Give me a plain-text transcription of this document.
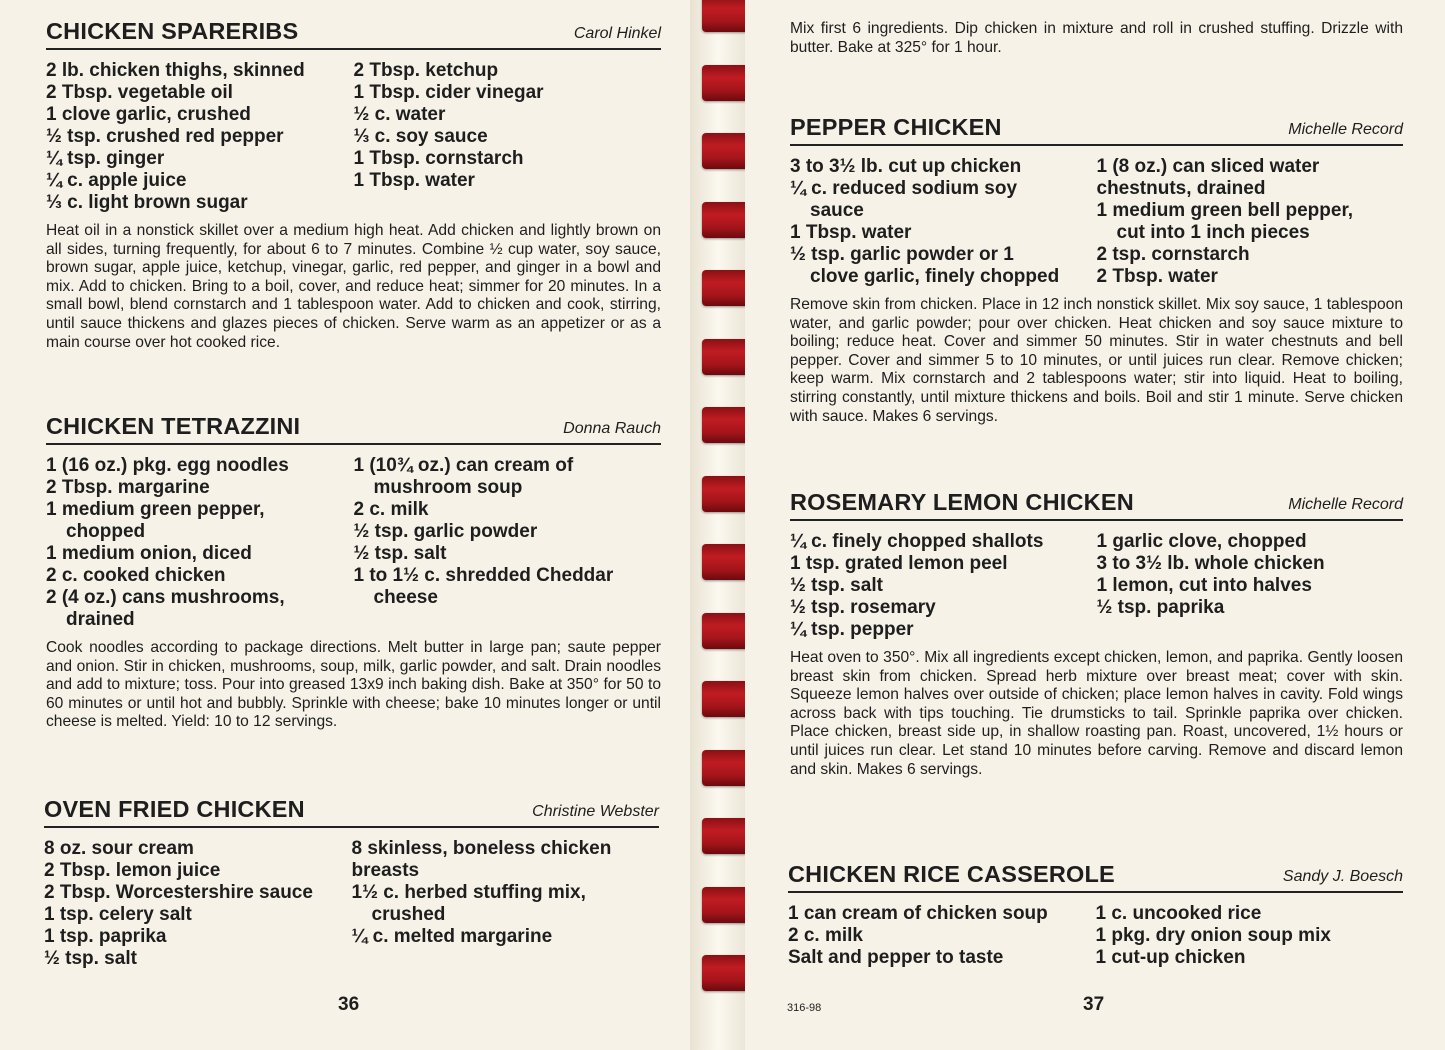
CHICKEN SPARERIBS	Carol Hinkel
2 lb. chicken thighs, skinned
2 Tbsp. vegetable oil
1 clove garlic, crushed
½ tsp. crushed red pepper
¼ tsp. ginger
¼ c. apple juice
⅓ c. light brown sugar
2 Tbsp. ketchup
1 Tbsp. cider vinegar
½ c. water
⅓ c. soy sauce
1 Tbsp. cornstarch
1 Tbsp. water
Heat oil in a nonstick skillet over a medium high heat. Add chicken and lightly brown on all sides, turning frequently, for about 6 to 7 minutes. Combine ½ cup water, soy sauce, brown sugar, apple juice, ketchup, vinegar, garlic, red pepper, and ginger in a bowl and mix. Add to chicken. Bring to a boil, cover, and reduce heat; simmer for 20 minutes. In a small bowl, blend cornstarch and 1 tablespoon water. Add to chicken and cook, stirring, until sauce thickens and glazes pieces of chicken. Serve warm as an appetizer or as a main course over hot cooked rice.
CHICKEN TETRAZZINI	Donna Rauch
1 (16 oz.) pkg. egg noodles
2 Tbsp. margarine
1 medium green pepper,
chopped
1 medium onion, diced
2 c. cooked chicken
2 (4 oz.) cans mushrooms,
drained
1 (10¾ oz.) can cream of
mushroom soup
2 c. milk
½ tsp. garlic powder
½ tsp. salt
1 to 1½ c. shredded Cheddar
cheese
Cook noodles according to package directions. Melt butter in large pan; saute pepper and onion. Stir in chicken, mushrooms, soup, milk, garlic powder, and salt. Drain noodles and add to mixture; toss. Pour into greased 13x9 inch baking dish. Bake at 350° for 50 to 60 minutes or until hot and bubbly. Sprinkle with cheese; bake 10 minutes longer or until cheese is melted. Yield: 10 to 12 servings.
OVEN FRIED CHICKEN	Christine Webster
8 oz. sour cream
2 Tbsp. lemon juice
2 Tbsp. Worcestershire sauce
1 tsp. celery salt
1 tsp. paprika
½ tsp. salt
8 skinless, boneless chicken
breasts
1½ c. herbed stuffing mix,
crushed
¼ c. melted margarine
36
Mix first 6 ingredients. Dip chicken in mixture and roll in crushed stuffing. Drizzle with butter. Bake at 325° for 1 hour.
PEPPER CHICKEN	Michelle Record
3 to 3½ lb. cut up chicken
¼ c. reduced sodium soy
sauce
1 Tbsp. water
½ tsp. garlic powder or 1
clove garlic, finely chopped
1 (8 oz.) can sliced water
chestnuts, drained
1 medium green bell pepper,
cut into 1 inch pieces
2 tsp. cornstarch
2 Tbsp. water
Remove skin from chicken. Place in 12 inch nonstick skillet. Mix soy sauce, 1 tablespoon water, and garlic powder; pour over chicken. Heat chicken and soy sauce mixture to boiling; reduce heat. Cover and simmer 50 minutes. Stir in water chestnuts and bell pepper. Cover and simmer 5 to 10 minutes, or until juices run clear. Remove chicken; keep warm. Mix cornstarch and 2 tablespoons water; stir into liquid. Heat to boiling, stirring constantly, until mixture thickens and boils. Boil and stir 1 minute. Serve chicken with sauce. Makes 6 servings.
ROSEMARY LEMON CHICKEN	Michelle Record
¼ c. finely chopped shallots
1 tsp. grated lemon peel
½ tsp. salt
½ tsp. rosemary
¼ tsp. pepper
1 garlic clove, chopped
3 to 3½ lb. whole chicken
1 lemon, cut into halves
½ tsp. paprika
Heat oven to 350°. Mix all ingredients except chicken, lemon, and paprika. Gently loosen breast skin from chicken. Spread herb mixture over breast meat; cover with skin. Squeeze lemon halves over outside of chicken; place lemon halves in cavity. Fold wings across back with tips touching. Tie drumsticks to tail. Sprinkle paprika over chicken. Place chicken, breast side up, in shallow roasting pan. Roast, uncovered, 1½ hours or until juices run clear. Let stand 10 minutes before carving. Remove and discard lemon and skin. Makes 6 servings.
CHICKEN RICE CASSEROLE	Sandy J. Boesch
1 can cream of chicken soup
2 c. milk
Salt and pepper to taste
1 c. uncooked rice
1 pkg. dry onion soup mix
1 cut-up chicken
316-98	37
